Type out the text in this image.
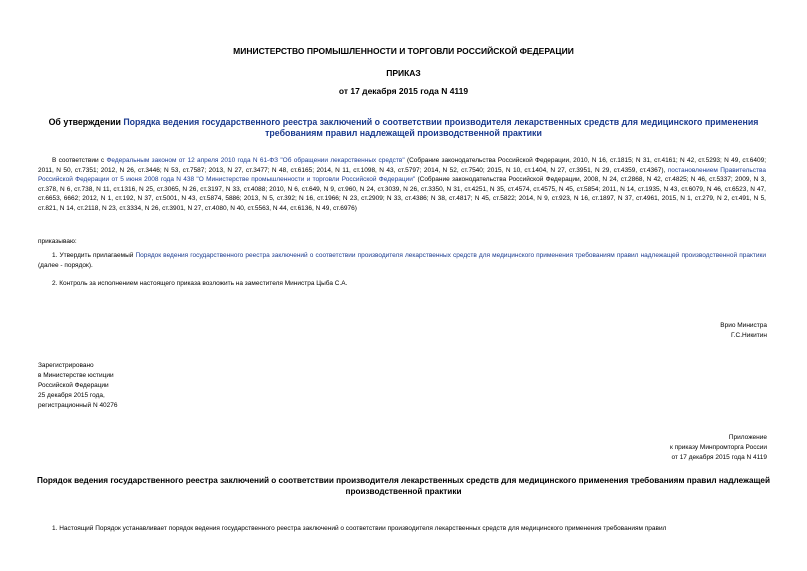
МИНИСТЕРСТВО ПРОМЫШЛЕННОСТИ И ТОРГОВЛИ РОССИЙСКОЙ ФЕДЕРАЦИИ
ПРИКАЗ
от 17 декабря 2015 года N 4119
Об утверждении Порядка ведения государственного реестра заключений о соответствии производителя лекарственных средств для медицинского применения требованиям правил надлежащей производственной практики
В соответствии с Федеральным законом от 12 апреля 2010 года N 61-ФЗ "Об обращении лекарственных средств" (Собрание законодательства Российской Федерации, 2010, N 16, ст.1815; N 31, ст.4161; N 42, ст.5293; N 49, ст.6409; 2011, N 50, ст.7351; 2012, N 26, ст.3446; N 53, ст.7587; 2013, N 27, ст.3477; N 48, ст.6165; 2014, N 11, ст.1098, N 43, ст.5797; 2014, N 52, ст.7540; 2015, N 10, ст.1404, N 27, ст.3951, N 29, ст.4359, ст.4367), постановлением Правительства Российской Федерации от 5 июня 2008 года N 438 "О Министерстве промышленности и торговли Российской Федерации" (Собрание законодательства Российской Федерации, 2008, N 24, ст.2868, N 42, ст.4825; N 46, ст.5337; 2009, N 3, ст.378, N 6, ст.738, N 11, ст.1316, N 25, ст.3065, N 26, ст.3197, N 33, ст.4088; 2010, N 6, ст.649, N 9, ст.960, N 24, ст.3039, N 26, ст.3350, N 31, ст.4251, N 35, ст.4574, ст.4575, N 45, ст.5854; 2011, N 14, ст.1935, N 43, ст.6079, N 46, ст.6523, N 47, ст.6653, 6662; 2012, N 1, ст.192, N 37, ст.5001, N 43, ст.5874, 5886; 2013, N 5, ст.392; N 16, ст.1966; N 23, ст.2909; N 33, ст.4386; N 38, ст.4817; N 45, ст.5822; 2014, N 9, ст.923, N 16, ст.1897, N 37, ст.4961, 2015, N 1, ст.279, N 2, ст.491, N 5, ст.821, N 14, ст.2118, N 23, ст.3334, N 26, ст.3901, N 27, ст.4080, N 40, ст.5563, N 44, ст.6136, N 49, ст.6976)
приказываю:
1. Утвердить прилагаемый Порядок ведения государственного реестра заключений о соответствии производителя лекарственных средств для медицинского применения требованиям правил надлежащей производственной практики (далее - порядок).
2. Контроль за исполнением настоящего приказа возложить на заместителя Министра Цыба С.А.
Врио Министра
Г.С.Никитин
Зарегистрировано
в Министерстве юстиции
Российской Федерации
25 декабря 2015 года,
регистрационный N 40276
Приложение
к приказу Минпромторга России
от 17 декабря 2015 года N 4119
Порядок ведения государственного реестра заключений о соответствии производителя лекарственных средств для медицинского применения требованиям правил надлежащей производственной практики
1. Настоящий Порядок устанавливает порядок ведения государственного реестра заключений о соответствии производителя лекарственных средств для медицинского применения требованиям правил
